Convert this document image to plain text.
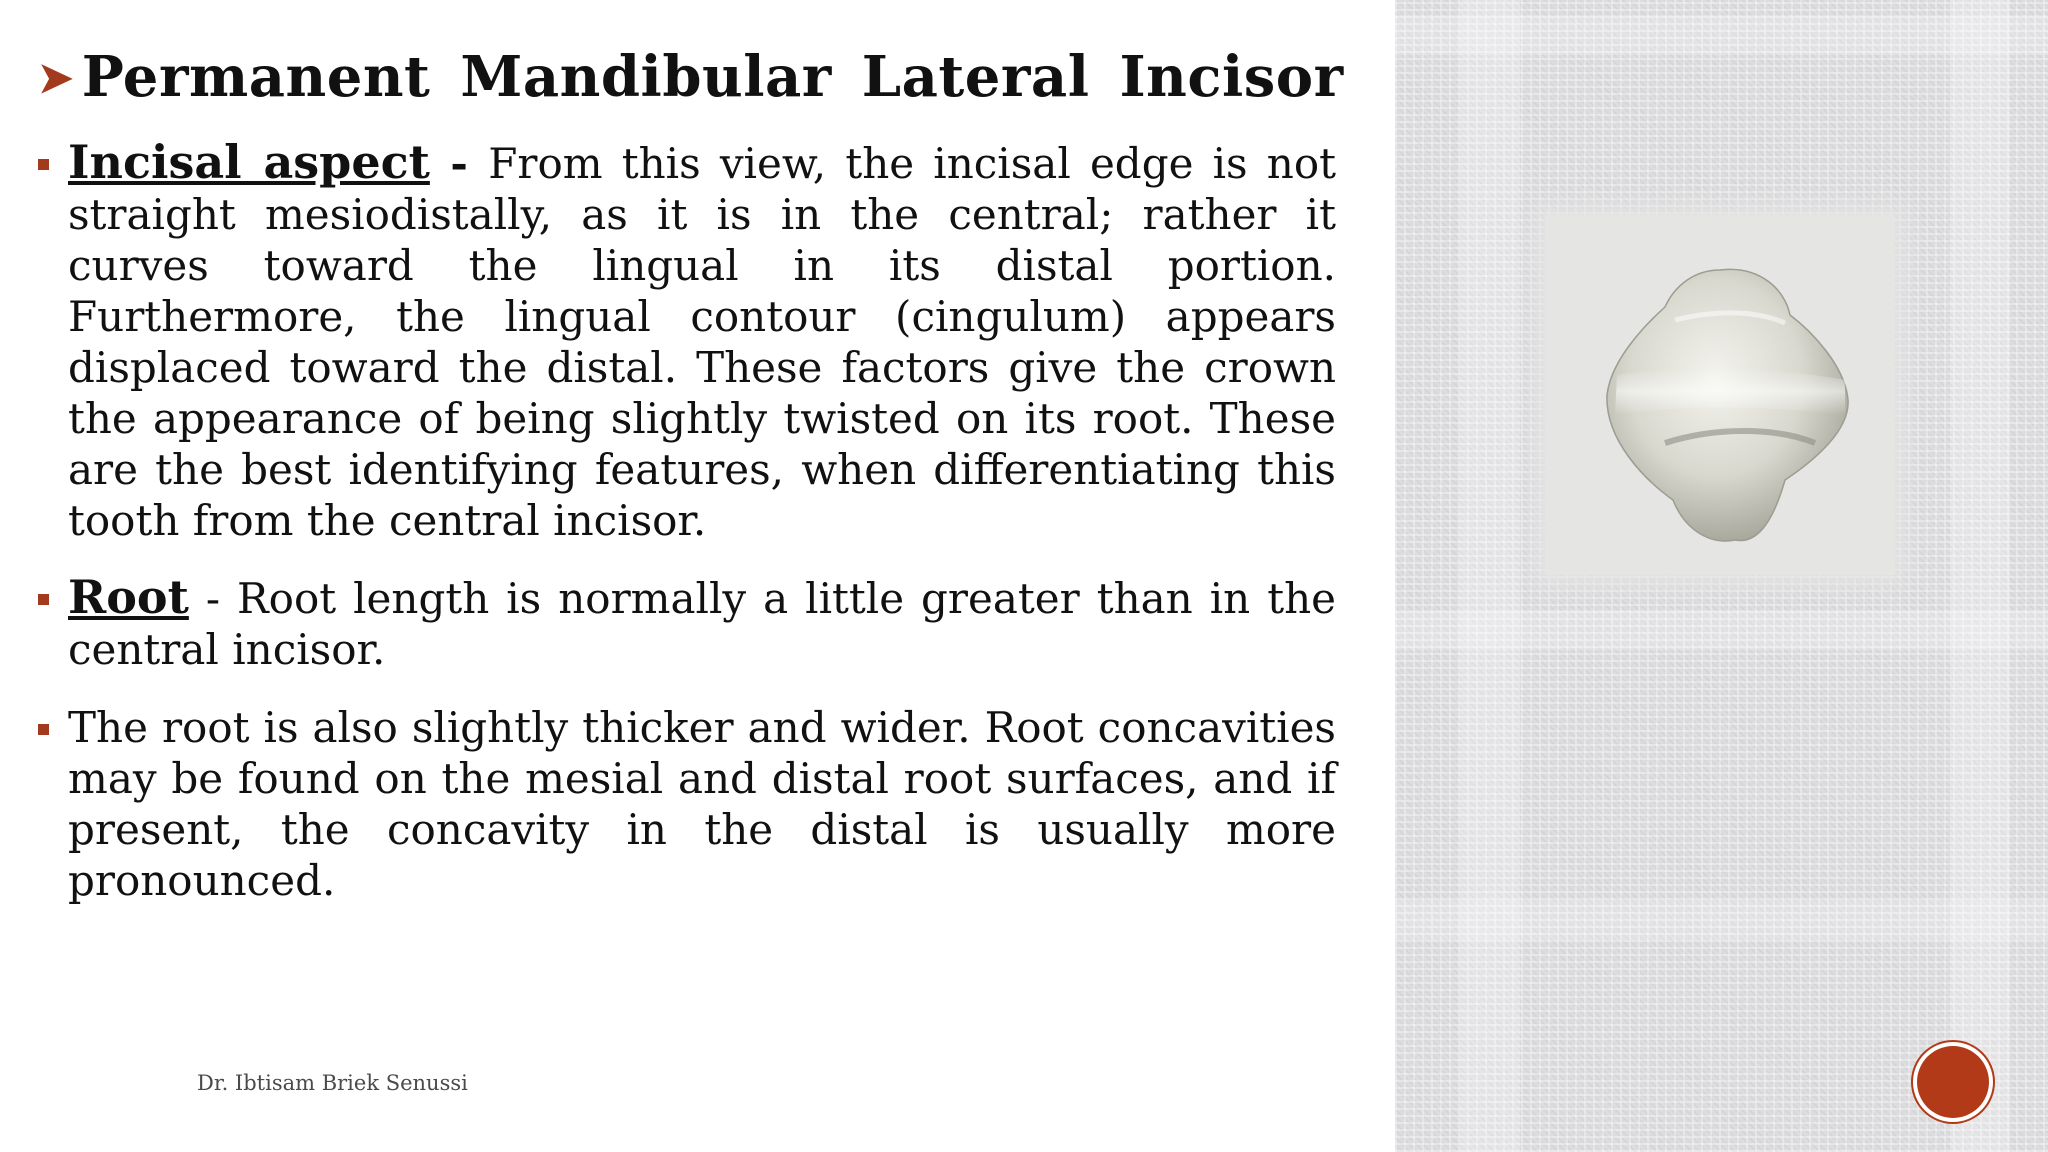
➤ Permanent Mandibular Lateral Incisor
Incisal aspect - From this view, the incisal edge is not straight mesiodistally, as it is in the central; rather it curves toward the lingual in its distal portion. Furthermore, the lingual contour (cingulum) appears displaced toward the distal. These factors give the crown the appearance of being slightly twisted on its root. These are the best identifying features, when differentiating this tooth from the central incisor.
Root - Root length is normally a little greater than in the central incisor.
The root is also slightly thicker and wider. Root concavities may be found on the mesial and distal root surfaces, and if present, the concavity in the distal is usually more pronounced.
Dr. Ibtisam Briek Senussi
